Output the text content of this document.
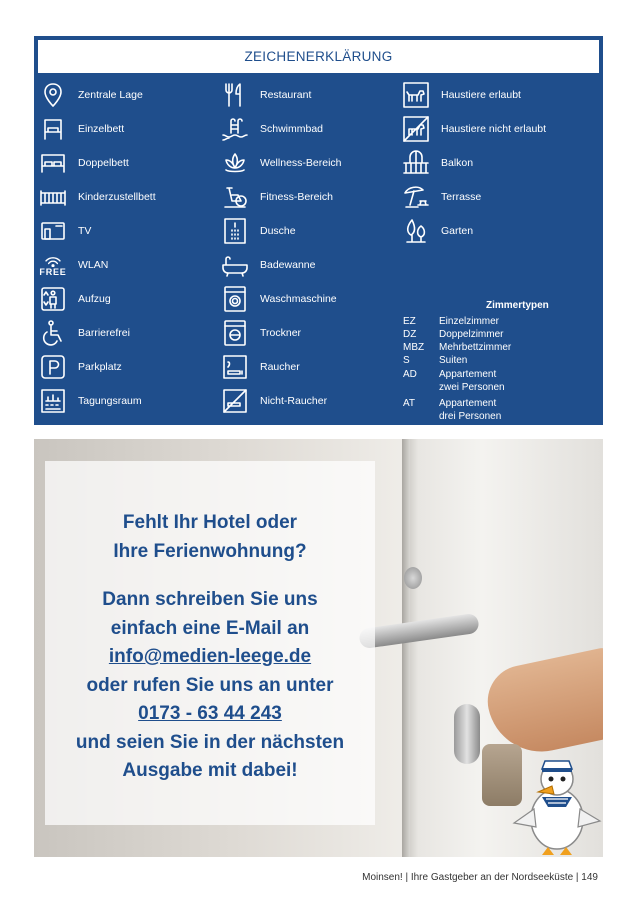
ZEICHENERKLÄRUNG
Zentrale Lage
Einzelbett
Doppelbett
Kinderzustellbett
TV
FREE
WLAN
Aufzug
Barrierefrei
Parkplatz
Tagungsraum
Restaurant
Schwimmbad
Wellness-Bereich
Fitness-Bereich
Dusche
Badewanne
Waschmaschine
Trockner
Raucher
Nicht-Raucher
Haustiere erlaubt
Haustiere nicht erlaubt
Balkon
Terrasse
Garten
Zimmertypen
EZ	Einzelzimmer
DZ	Doppelzimmer
MBZ	Mehrbettzimmer
S	Suiten
AD	Appartement
zwei Personen
AT	Appartement
drei Personen
FW	Ferienwohnung
Fehlt Ihr Hotel oder
Ihre Ferienwohnung?
Dann schreiben Sie uns
einfach eine E-Mail an
info@medien-leege.de
oder rufen Sie uns an unter
0173 - 63 44 243
und seien Sie in der nächsten
Ausgabe mit dabei!
Moinsen! | Ihre Gastgeber an der Nordseeküste | 149
